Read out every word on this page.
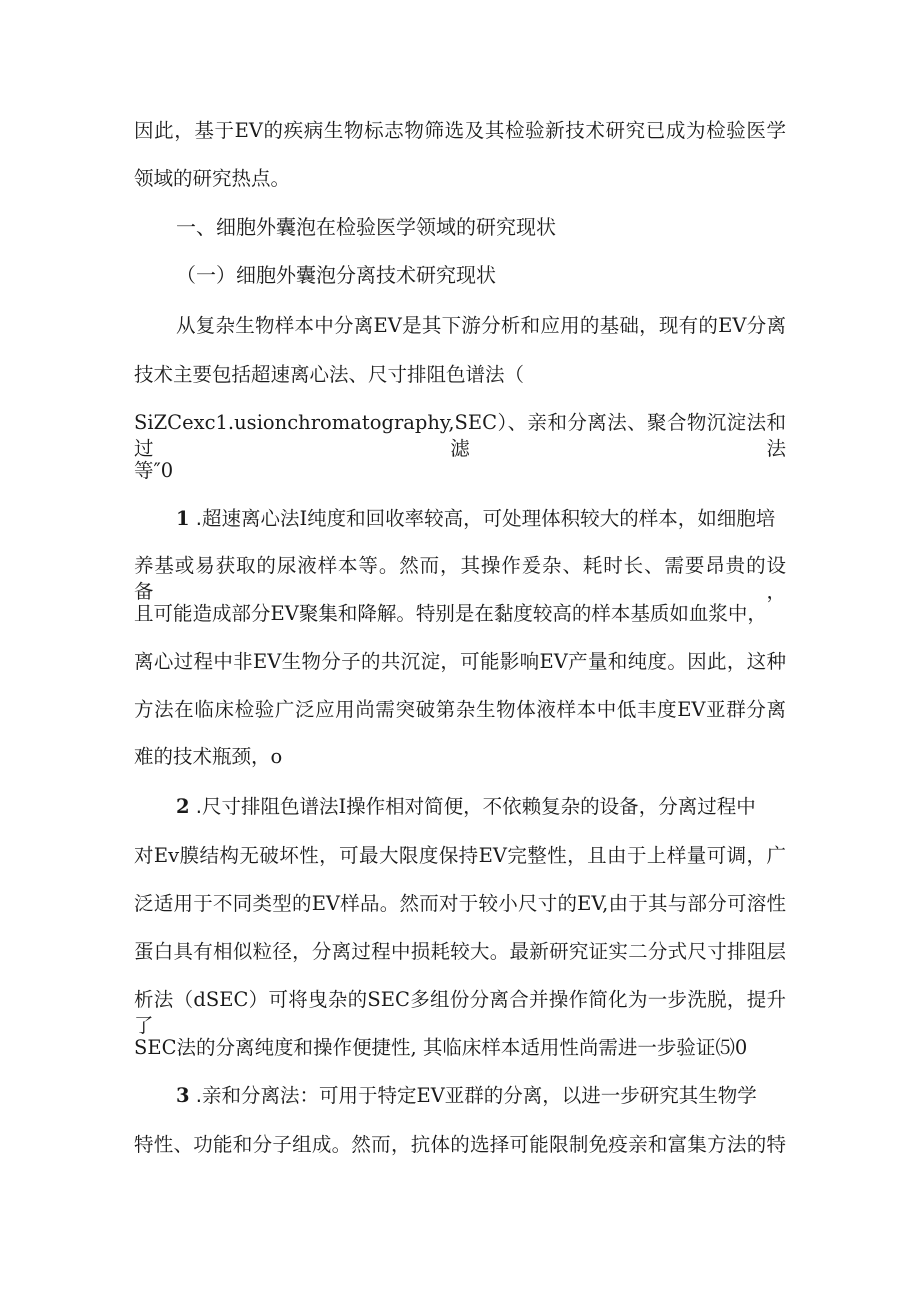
因此，基于EV的疾病生物标志物筛选及其检验新技术研究已成为检验医学
领域的研究热点。
一、细胞外囊泡在检验医学领域的研究现状
（一）细胞外囊泡分离技术研究现状
从复杂生物样本中分离EV是其下游分析和应用的基础，现有的EV分离
技术主要包括超速离心法、尺寸排阻色谱法（
SiZCexc1.usionchromatography,SEC）、亲和分离法、聚合物沉淀法和过滤法
等″0
1 .超速离心法I纯度和回收率较高，可处理体积较大的样本，如细胞培
养基或易获取的尿液样本等。然而，其操作爰杂、耗时长、需要昂贵的设备，
且可能造成部分EV聚集和降解。特别是在黏度较高的样本基质如血浆中，
离心过程中非EV生物分子的共沉淀，可能影响EV产量和纯度。因此，这种
方法在临床检验广泛应用尚需突破第杂生物体液样本中低丰度EV亚群分离
难的技术瓶颈，o
2 .尺寸排阻色谱法I操作相对简便，不依赖复杂的设备，分离过程中
对Ev膜结构无破坏性，可最大限度保持EV完整性，且由于上样量可调，广
泛适用于不同类型的EV样品。然而对于较小尺寸的EV,由于其与部分可溶性
蛋白具有相似粒径，分离过程中损耗较大。最新研究证实二分式尺寸排阻层
析法（dSEC）可将曳杂的SEC多组份分离合并操作简化为一步洗脱，提升了
SEC法的分离纯度和操作便捷性, 其临床样本适用性尚需进一步验证⑸0
3 .亲和分离法：可用于特定EV亚群的分离，以进一步研究其生物学
特性、功能和分子组成。然而，抗体的选择可能限制免疫亲和富集方法的特
